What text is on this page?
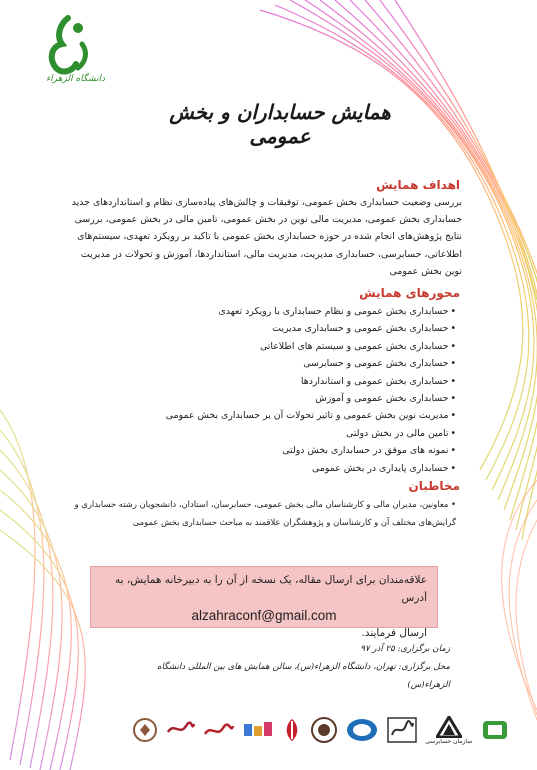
دانشگاه الزهراء
همایش حسابداران و بخش عمومی
اهداف همایش

بررسی وضعیت حسابداری بخش عمومی، توفیقات و چالش‌های پیاده‌سازی نظام و استانداردهای جدید

حسابداری بخش عمومی، مدیریت مالی نوین در بخش عمومی، تامین مالی در بخش عمومی، بررسی

نتایج پژوهش‌های انجام شده در حوزه حسابداری بخش عمومی با تاکید بر رویکرد تعهدی، سیستم‌های

اطلاعاتی، حسابرسی، حسابداری مدیریت، مدیریت مالی، استانداردها، آموزش و تحولات در مدیریت

نوین بخش عمومی

محورهای همایش
• حسابداری بخش عمومی و نظام حسابداری با رویکرد تعهدی
• حسابداری بخش عمومی و حسابداری مدیریت
• حسابداری بخش عمومی و سیستم های اطلاعاتی
• حسابداری بخش عمومی و حسابرسی
• حسابداری بخش عمومی و استانداردها
• حسابداری بخش عمومی و آموزش
• مدیریت نوین بخش عمومی و تاثیر تحولات آن بر حسابداری بخش عمومی
• تامین مالی در بخش دولتی
• نمونه های موفق در حسابداری بخش دولتی
• حسابداری پایداری در بخش عمومی
مخاطبان

• معاونین، مدیران مالی و کارشناسان مالی بخش عمومی، حسابرسان، استادان، دانشجویان رشته حسابداری و

گرایش‌های مختلف آن و کارشناسان و پژوهشگران علاقمند به مباحث حسابداری بخش عمومی

علاقه‌مندان برای ارسال مقاله، یک نسخه از آن را به دبیرخانه همایش، به آدرس
alzahraconf@gmail.com
ارسال فرمایند.
زمان برگزاری: ۲۵ آذر ۹۷
محل برگزاری: تهران، دانشگاه الزهراء(س)، سالن همایش های بین المللی دانشگاه الزهراء(س)
سازمان حسابرسی
